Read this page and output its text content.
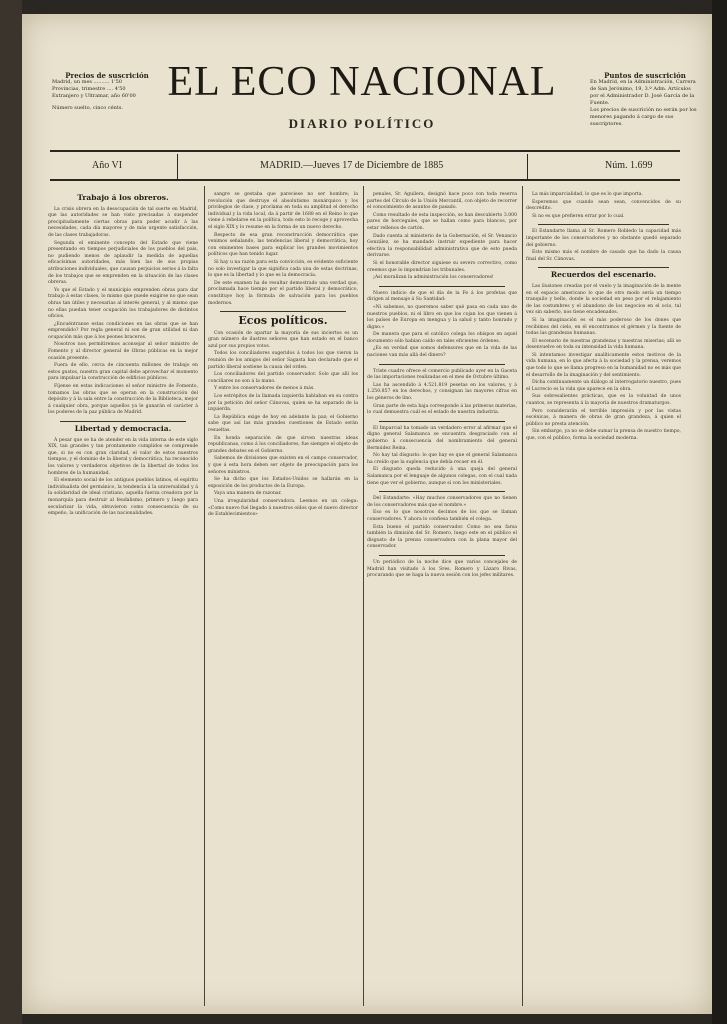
Precios de suscrición
Madrid, un mes .......... 1'50
Provincias, trimestre .... 4'50
Extranjero y Ultramar, año 60'00
Número suelto, cinco cénts.
EL ECO NACIONAL
DIARIO POLÍTICO
Puntos de suscrición
En Madrid, en la Administración, Carrera de San Jerónimo, 19, 3.º Adm. Artículos por el Administrador D. José García de la Fuente.
Los precios de suscrición no serán por los menores pagando á cargo de sus suscriptores.
Año VI	MADRID.—Jueves 17 de Diciembre de 1885	Núm. 1.699
Trabajo á los obreros.

La crisis obrera en la desocupación de tal suerte en Madrid, que las autoridades se han visto precisadas á suspender precipitadamente ciertas obras para poder acudir á las necesidades, cada día mayores y de más urgente satisfacción, de las clases trabajadoras.

Segunda el eminente concepto del Estado que viene presentando en tiempos perjudiciales de los pueblos del país, no pudiendo menos de aplaudir la medida de aquellas eficacísimas autoridades, más bien las de sus propias atribuciones individuales, que causan perjuicios serios á la falta de los trabajos que se emprenden en la situación de las clases obreras.

Yo que el Estado y el municipio emprenden obras para dar trabajo á estas clases, lo mismo que puede exigirse no que sean obras tan útiles y necesarias al interés general, y al mismo que no ellas puedan tener ocupación los trabajadores de distintos oficios.

¿Encuéntranse estas condiciones en las obras que se han emprendido? Por regla general ni son de gran utilidad ni dan ocupación más que á los peones braceros.

Nosotros nos permitiremos aconsejar al señor ministro de Fomento y al director general de Obras públicas en la mejor ocasión presente.

Fuera de ello, cerca de cincuenta millones de trabajo en estos gustos, nuestra gran capital debe aprovechar el momento para impulsar la construcción de edificios públicos.

Fíjense en estas indicaciones el señor ministro de Fomento, tomamos las obras que se operan en la construcción del depósito y á la sala entre la construcción de la Biblioteca, mejor á cualquier obra, porque aquellos ya le ganarán el carácter á los poderes de la paz pública de Madrid.

Libertad y democracia.

Á pesar que se ha de atender en la vida interna de este siglo XIX, tan grandes y tan prontamente cumplidos se comprende que, si no es con gran claridad, el valor de estos nuestros tiempos, y el dominio de la liberal y democrática, ha reconocido los valores y verdaderos objetivos de la libertad de todos los hombres de la humanidad.

El elemento social de los antiguos pueblos latinos, el espíritu individualista del germánico, la tendencia á la universalidad y á la solidaridad de ideal cristiano, aquella fuerza creadora por la monarquía para destruir al feudalismo, primero y luego para secularizar la vida, obtuvieron como consecuencia de su empeño, la unificación de las nacionalidades.

sangre se gestaba que pareciese no ser hombre; la revolución que destruye el absolutismo monárquico y los privilegios de clase, y proclama en toda su amplitud el derecho individual y la vida local, da á partir de 1688 en el Reino lo que viene á rebelarse en la política, todo esto lo recoge y aprovecha el siglo XIX y lo resume en la forma de un nuevo derecho.

Respecto de esa gran reconstrucción democrática que venimos señalando, las tendencias liberal y democrática, hoy con eminentes bases para explicar los grandes movimientos políticos que han tenido lugar.

Si hay u na razón para esta convicción, es evidente suficiente no solo investigar la que significa cada una de estas doctrinas, lo que es la libertad y lo que es la democracia.

De este examen ha de resultar demostrado una verdad que, proclamada hace tiempo por el partido liberal y democrático, constituye hoy la fórmula de salvación para los pueblos modernos.

Ecos políticos.

Con ocasión de apartar la mayoría de sus inciertos es un gran número de ilustres señores que han estado en el banco azul por sus propios votos.

Todos los conciliadores sugeridos á todos los que vieron la reunión de los amigos del señor Sagasta han declarado que el partido liberal sostiene la causa del orden.

Los conciliadores del partido conservador. Solo que allí los conciliares no son á la mano.

Y entre los conservadores de menos á más.

Los estrépitos de la llamada izquierda hablaban en su contra por la petición del señor Cánovas, quien se ha separado de la izquierda.

La República exige de hoy en adelante la paz; el Gobierno sabe que así las más grandes cuestiones de Estado serán resueltas.

En honda separación de que sirven nuestras ideas republicanas, como á los conciliadores, fue siempre el objeto de grandes debates en el Gobierno.

Sabemos de divisiones que existen en el campo conservador, y que á esta hora deben ser objeto de preocupación para los señores ministros.

Se ha dicho que los Estados-Unidos se hallarán en la exposición de los productos de la Europa.

Vaya una manera de razonar.

Una irregularidad conservadora. Leemos en un colega: «Como nuevo fué llegado á nuestros oídos que el nuevo director de Establecimientos»

penales, Sr. Aguilera, designó hace poco con toda reserva partes del Círculo de la Unión Mercantil, con objeto de recorrer el conocimiento de asuntos de pasado.

Como resultado de esta inspección, se han descubierto 3.000 pares de borceguíes, que se hallan como para blancos, por estar rellenos de cartón.

Dado cuenta al ministerio de la Gobernación, el Sr. Venancio González, se ha mandado instruir expediente para hacer efectiva la responsabilidad administrativa que de esto pueda derivarse.

Si el honorable director siguiese su severo correctivo, como creemos que lo impondrían los tribunales.

¡Así moralizan la administración los conservadores!

Nuevo indicio de que el día de la Fe á los profetas que dirigen al mensaje á Su Santidad:

«Ni sabemos, no queremos saber qué pasa en cada uno de nuestros pueblos, ni el libro en que los cojan los que vienen á los países de Europa en mengua y la salud y tanto honrado y digno.»

De manera que para el católico colega los obispos en aquel documento sólo habían caído en tales eficientes órdenes.

¿Es en verdad que somos defensores que en la vida de las naciones van más allá del dinero?

Triste cuadro ofrece el comercio publicado ayer en la Gaceta de las importaciones realizadas en el mes de Octubre último.

Las ha ascendido á 4.521.819 pesetas en los valores, y á 1.250.857 en los derechos, y consignan las mayores cifras en los géneros de lino.

Gran parte de esta baja corresponde á las primeras materias, lo cual demuestra cuál es el estado de nuestra industria.

El Imparcial ha tomado un verdadero error al afirmar que el digno general Salamanca se encuentra desgraciado con el gobierno á consecuencia del nombramiento del general Bermúdez Reina.

No hay tal disgusto: lo que hay es que el general Salamanca ha creído que la suplencia que debía recaer en él.

El disgusto queda reducido á una queja del general Salamanca por el lenguaje de algunos colegas, con el cual nada tiene que ver el gobierno, aunque sí con los ministeriales.

Del Estandarte: «Hay muchos conservadores que no tienen de los conservadores más que el nombre.»

Eso es lo que nosotros decimos de los que se llaman conservadores. Y ahora lo confiesa también el colega.

Esta bueno el partido conservador. Como no sea farsa también la dimisión del Sr. Romero, luego este en el público el disgusto de la prensa conservadora con la plana mayor del conservador.

Un periódico de la noche dice que varios concejales de Madrid han visitado á los Sres. Romero y Lázaro Rivas, procurando que se haga la nueva sesión con los jefes militares.

La más imparcialidad, lo que es lo que importa.

Esperemos que cuando sean sean, convencidos de su descrédito.

Si no es que prefieren errar por lo cual.

El Estandarte llama al Sr. Romero Robledo la capacidad más importante de los conservadores y no obstante quedó separado del gobierno.

Esto mismo más el nombre de casado que ha dado la causa final del Sr. Cánovas.

Recuerdos del escenario.

Las ilusiones creadas por el vuelo y la imaginación de la mente en el espacio americano lo que de otro modo sería un tiempo tranquilo y bello, donde la sociedad en peso por el relajamiento de las costumbres y el abandono de los negocios en el ocio, tal vez sin saberlo, nos tiene encadenados.

Si la imaginación es el más poderoso de los dones que recibimos del cielo, en él encontramos el gérmen y la fuente de todas las grandezas humanas.

El escenario de nuestras grandezas y nuestras miserias; allí se desenvuelve en toda su intensidad la vida humana.

Si intentamos investigar analíticamente estos motivos de la vida humana, en lo que afecta á la sociedad y la prensa, veremos que todo lo que se llama progreso en la humanidad no es más que el desarrollo de la imaginación y del sentimiento.

Dicha continuamente un diálogo al interrogatorio nuestro, pues el Lucrecio es la vida que aparece en la obra.

Sus sobresalientes prácticas, que es la voluntad de unos cuantos, se representa á la mayoría de nuestros dramaturgos.

Pero considerarán el terrible impresión y por las vistas escénicas, á manera de obras de gran grandeza, á quien el público no presta atención.

Sin embargo, ya no se debe sumar la prensa de nuestro tiempo, que, con el público, forma la sociedad moderna.
